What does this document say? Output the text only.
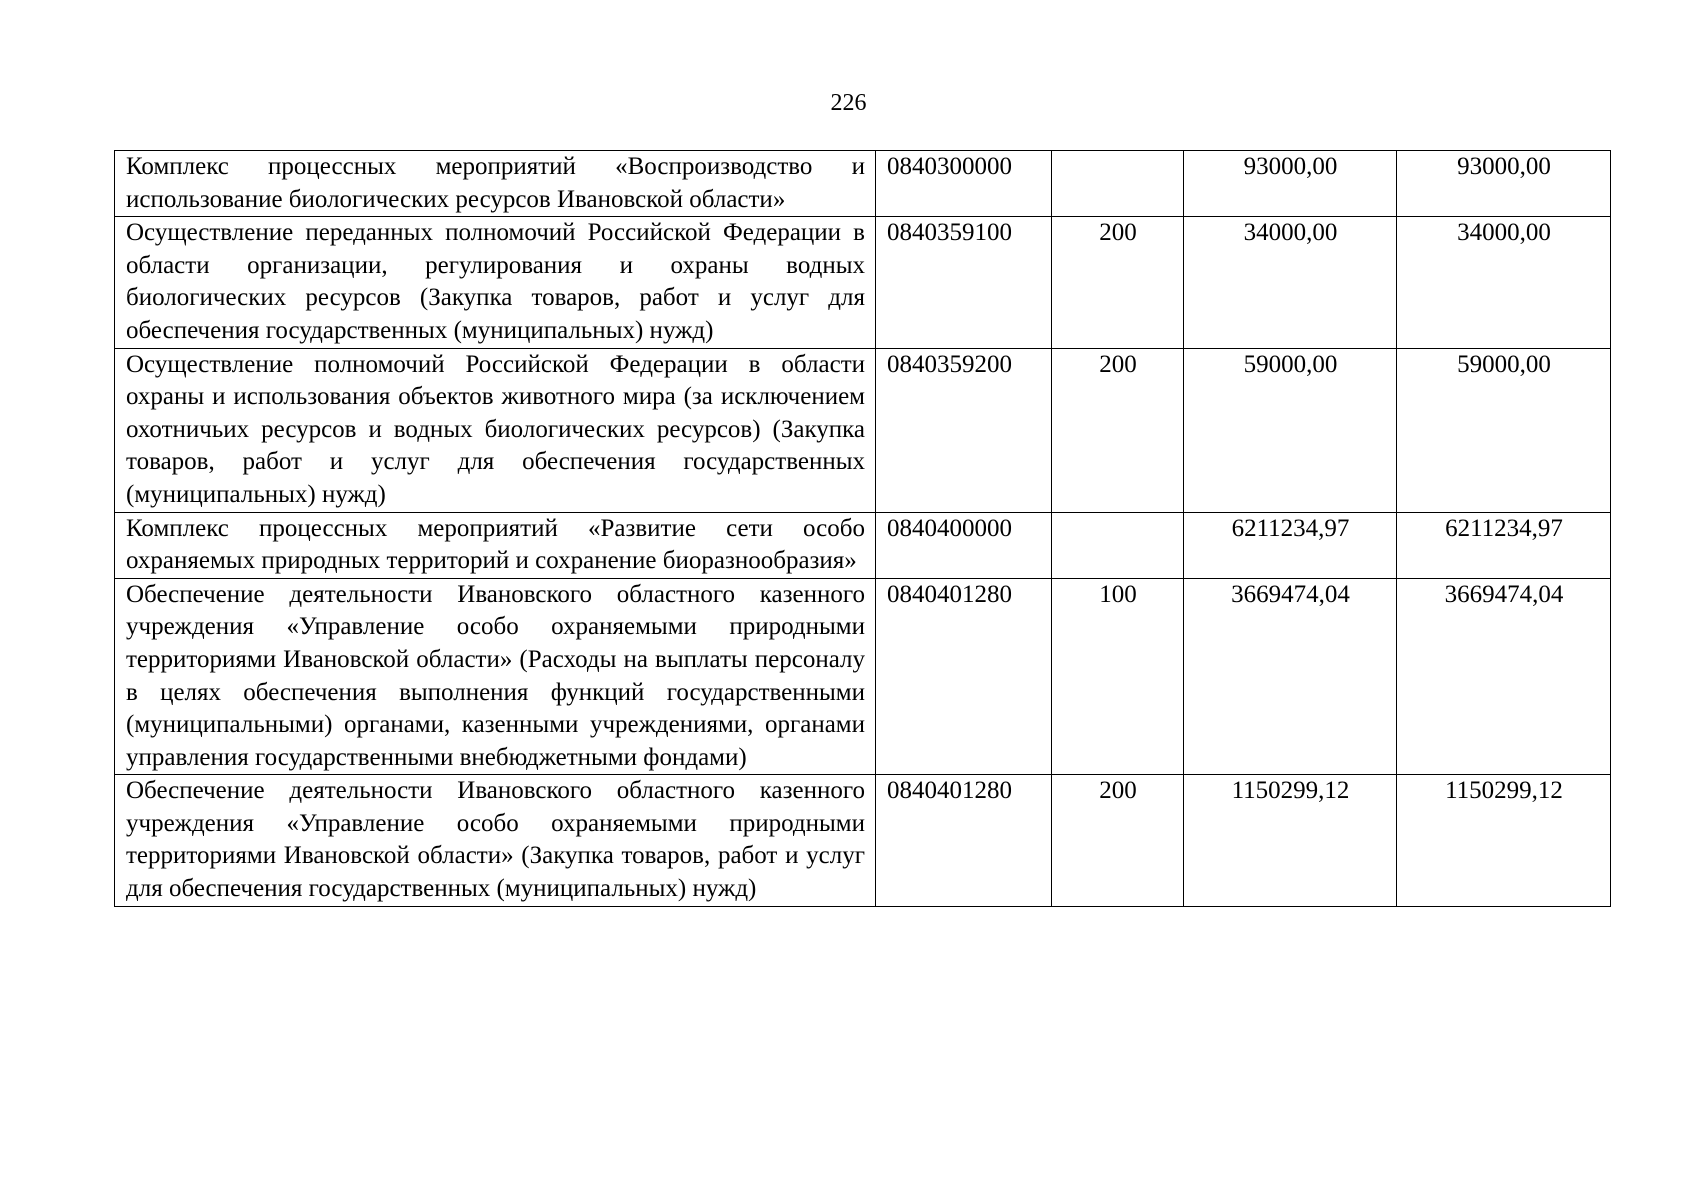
226
Комплекс процессных мероприятий «Воспроизводство и использование биологических ресурсов Ивановской области»	0840300000		93000,00	93000,00
Осуществление переданных полномочий Российской Федерации в области организации, регулирования и охраны водных биологических ресурсов (Закупка товаров, работ и услуг для обеспечения государственных (муниципальных) нужд)	0840359100	200	34000,00	34000,00
Осуществление полномочий Российской Федерации в области охраны и использования объектов животного мира (за исключением охотничьих ресурсов и водных биологических ресурсов) (Закупка товаров, работ и услуг для обеспечения государственных (муниципальных) нужд)	0840359200	200	59000,00	59000,00
Комплекс процессных мероприятий «Развитие сети особо охраняемых природных территорий и сохранение биоразнообразия»	0840400000		6211234,97	6211234,97
Обеспечение деятельности Ивановского областного казенного учреждения «Управление особо охраняемыми природными территориями Ивановской области» (Расходы на выплаты персоналу в целях обеспечения выполнения функций государственными (муниципальными) органами, казенными учреждениями, органами управления государственными внебюджетными фондами)	0840401280	100	3669474,04	3669474,04
Обеспечение деятельности Ивановского областного казенного учреждения «Управление особо охраняемыми природными территориями Ивановской области» (Закупка товаров, работ и услуг для обеспечения государственных (муниципальных) нужд)	0840401280	200	1150299,12	1150299,12
